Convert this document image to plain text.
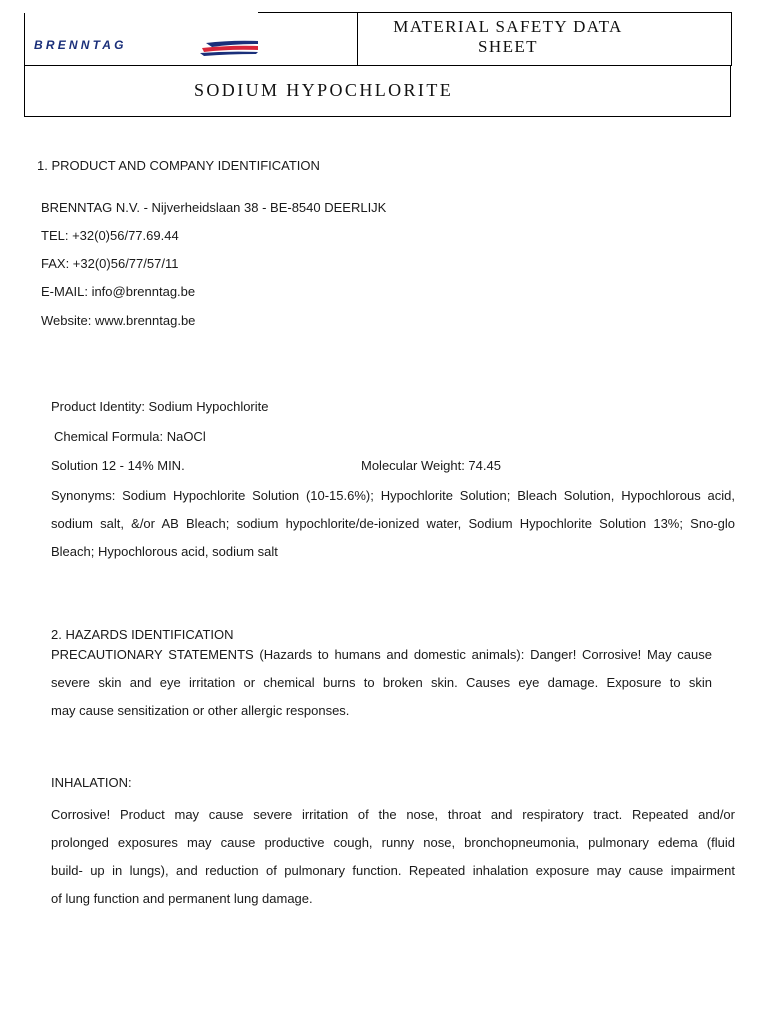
BRENNTAG
MATERIAL SAFETY DATA
SHEET
SODIUM HYPOCHLORITE
1. PRODUCT AND COMPANY IDENTIFICATION
BRENNTAG N.V. - Nijverheidslaan 38 - BE-8540 DEERLIJK
TEL: +32(0)56/77.69.44
FAX: +32(0)56/77/57/11
E-MAIL: info@brenntag.be
Website: www.brenntag.be
Product Identity: Sodium Hypochlorite
Chemical Formula: NaOCl
Solution 12 - 14% MIN.	Molecular Weight: 74.45
Synonyms: Sodium Hypochlorite Solution (10-15.6%); Hypochlorite Solution; Bleach Solution, Hypochlorous acid,
sodium salt, &/or AB Bleach; sodium hypochlorite/de-ionized water, Sodium Hypochlorite Solution 13%; Sno-glo
Bleach; Hypochlorous acid, sodium salt
2. HAZARDS IDENTIFICATION
PRECAUTIONARY STATEMENTS (Hazards to humans and domestic animals): Danger! Corrosive! May cause
severe skin and eye irritation or chemical burns to broken skin. Causes eye damage. Exposure to skin
may cause sensitization or other allergic responses.
INHALATION:
Corrosive! Product may cause severe irritation of the nose, throat and respiratory tract. Repeated and/or
prolonged exposures may cause productive cough, runny nose, bronchopneumonia, pulmonary edema (fluid
build- up in lungs), and reduction of pulmonary function. Repeated inhalation exposure may cause impairment
of lung function and permanent lung damage.
